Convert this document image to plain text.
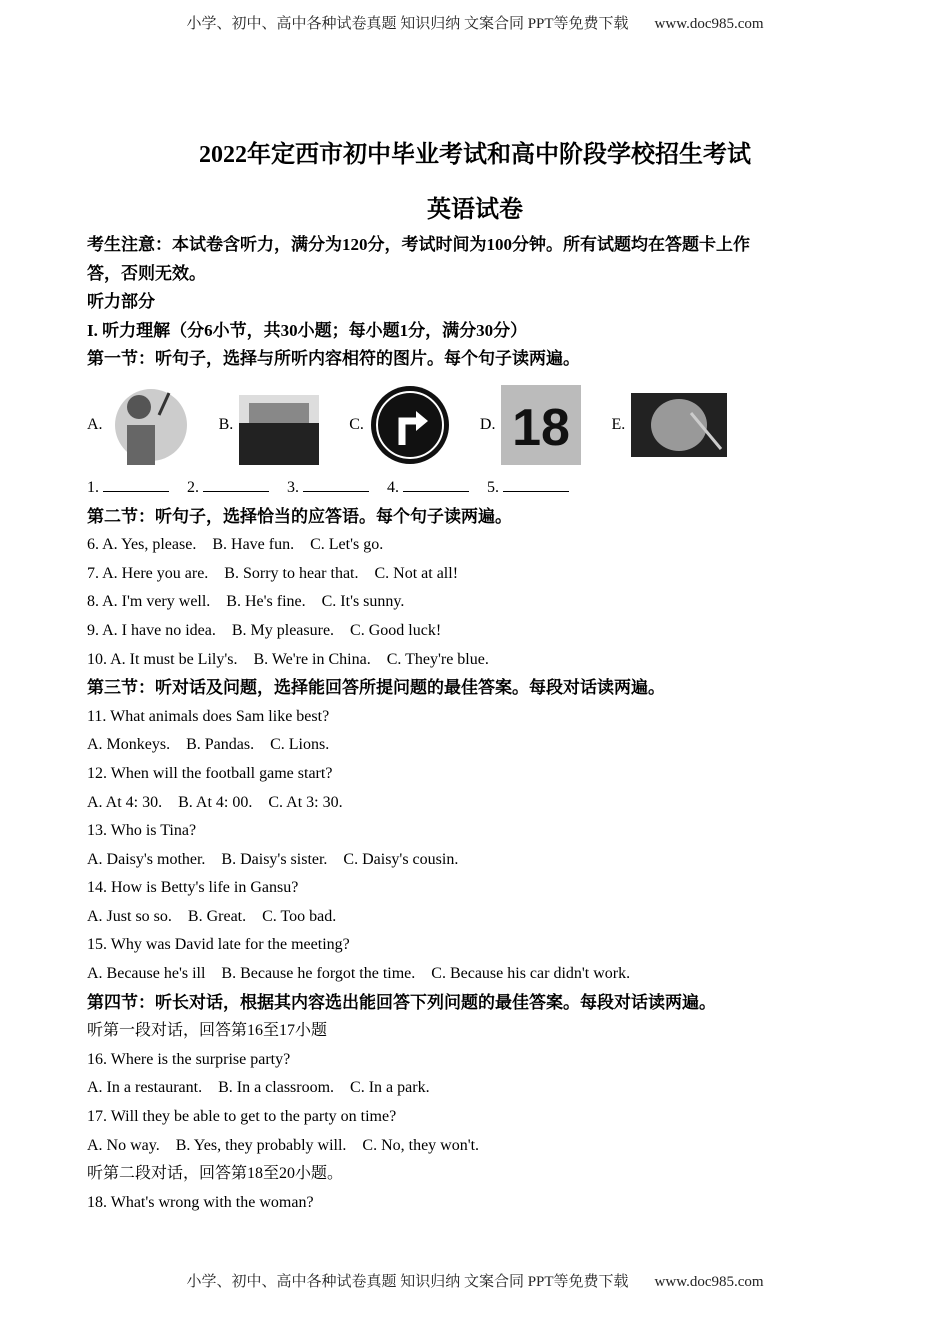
小学、初中、高中各种试卷真题 知识归纳 文案合同 PPT等免费下载 www.doc985.com
2022年定西市初中毕业考试和高中阶段学校招生考试
英语试卷
考生注意：本试卷含听力，满分为120分，考试时间为100分钟。所有试题均在答题卡上作
答，否则无效。
听力部分
I. 听力理解（分6小节，共30小题；每小题1分，满分30分）
第一节：听句子，选择与所听内容相符的图片。每个句子读两遍。
A.	B.	C.	D. 18	E.
1.	2.	3.	4.	5.
第二节：听句子，选择恰当的应答语。每个句子读两遍。
6. A. Yes, please.    B. Have fun.    C. Let's go.
7. A. Here you are.    B. Sorry to hear that.    C. Not at all!
8. A. I'm very well.    B. He's fine.    C. It's sunny.
9. A. I have no idea.    B. My pleasure.    C. Good luck!
10. A. It must be Lily's.    B. We're in China.    C. They're blue.
第三节：听对话及问题，选择能回答所提问题的最佳答案。每段对话读两遍。
11. What animals does Sam like best?
A. Monkeys.    B. Pandas.    C. Lions.
12. When will the football game start?
A. At 4: 30.    B. At 4: 00.    C. At 3: 30.
13. Who is Tina?
A. Daisy's mother.    B. Daisy's sister.    C. Daisy's cousin.
14. How is Betty's life in Gansu?
A. Just so so.    B. Great.    C. Too bad.
15. Why was David late for the meeting?
A. Because he's ill    B. Because he forgot the time.    C. Because his car didn't work.
第四节：听长对话，根据其内容选出能回答下列问题的最佳答案。每段对话读两遍。
听第一段对话，回答第16至17小题
16. Where is the surprise party?
A. In a restaurant.    B. In a classroom.    C. In a park.
17. Will they be able to get to the party on time?
A. No way.    B. Yes, they probably will.    C. No, they won't.
听第二段对话，回答第18至20小题。
18. What's wrong with the woman?
小学、初中、高中各种试卷真题 知识归纳 文案合同 PPT等免费下载 www.doc985.com
